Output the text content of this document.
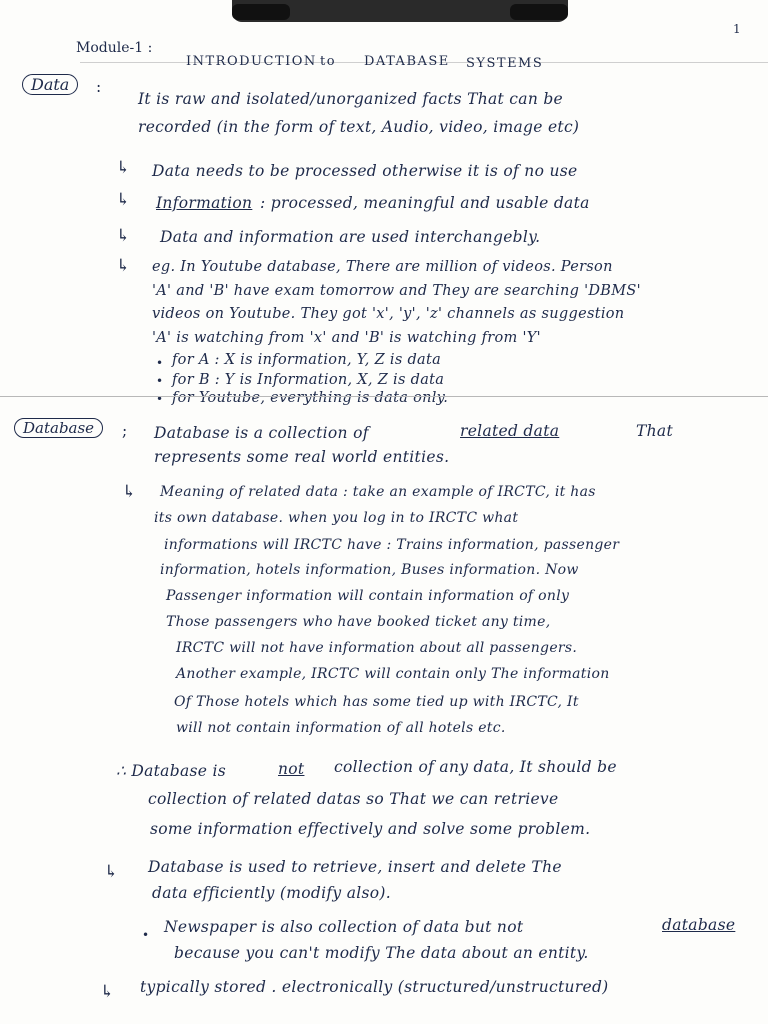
1
Module-1 :
INTRODUCTION to DATABASE SYSTEMS
Data	:
It is raw and isolated/unorganized facts That can be
recorded (in the form of text, Audio, video, image etc)
↳ Data needs to be processed otherwise it is of no use
↳ Information : processed, meaningful and usable data
↳ Data and information are used interchangebly.
↳ eg. In Youtube database, There are million of videos. Person
'A' and 'B' have exam tomorrow and They are searching 'DBMS'
videos on Youtube. They got 'x', 'y', 'z' channels as suggestion
'A' is watching from 'x' and 'B' is watching from 'Y'
• for A : X is information, Y, Z is data
• for B : Y is Information, X, Z is data
• for Youtube, everything is data only.
Database	; Database is a collection of	related data	That
represents some real world entities.
↳ Meaning of related data : take an example of IRCTC, it has
its own database. when you log in to IRCTC what
informations will IRCTC have : Trains information, passenger
information, hotels information, Buses information. Now
Passenger information will contain information of only
Those passengers who have booked ticket any time,
IRCTC will not have information about all passengers.
Another example, IRCTC will contain only The information
Of Those hotels which has some tied up with IRCTC, It
will not contain information of all hotels etc.
∴ Database is	not collection of any data, It should be
collection of related datas so That we can retrieve
some information effectively and solve some problem.
↳ Database is used to retrieve, insert and delete The
data efficiently (modify also).
• Newspaper is also collection of data but not	database
because you can't modify The data about an entity.
↳ typically stored . electronically (structured/unstructured)
